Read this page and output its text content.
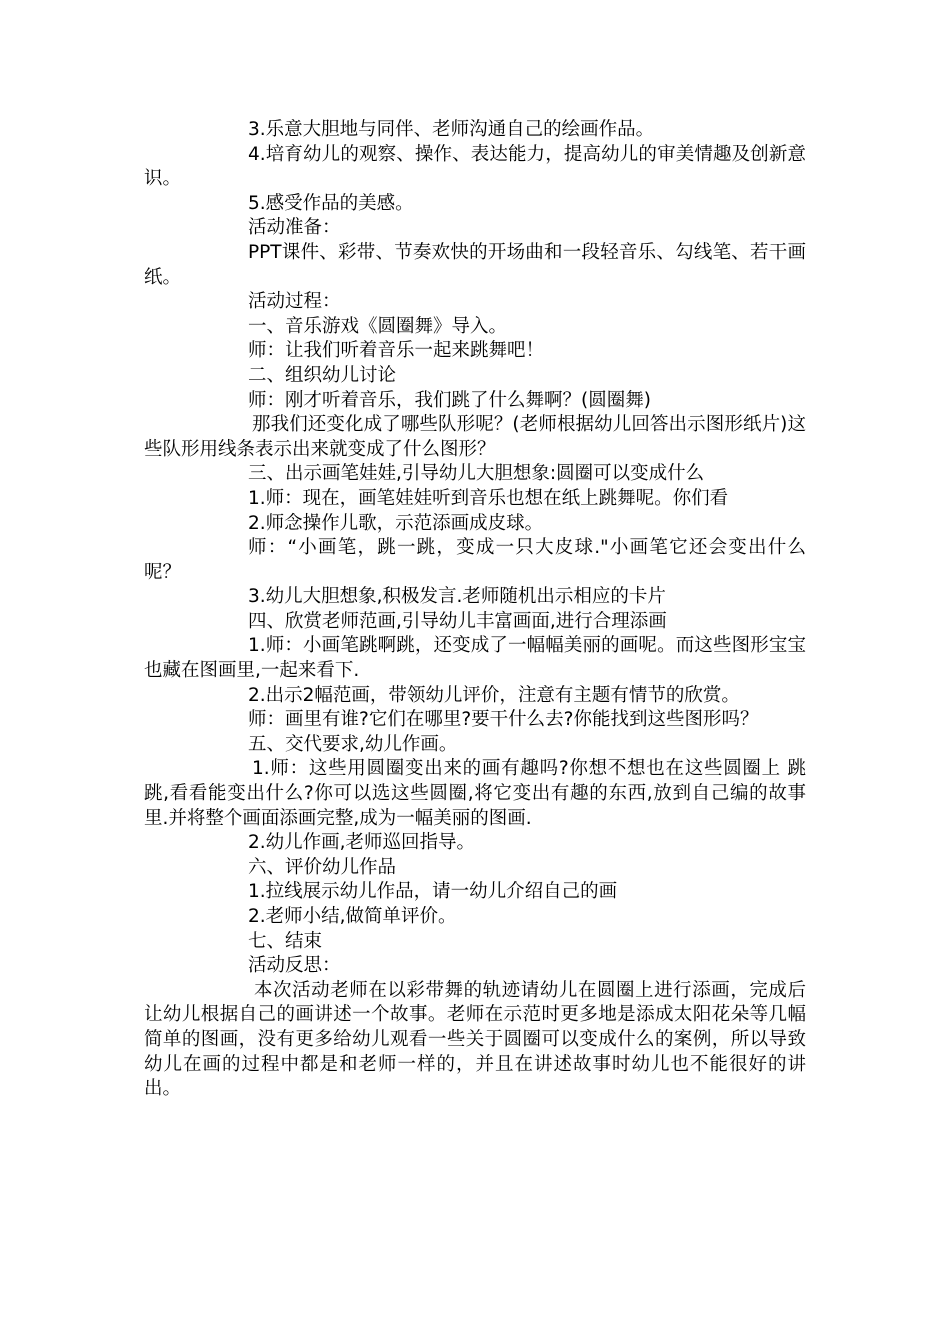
3.乐意大胆地与同伴、老师沟通自己的绘画作品。

4.培育幼儿的观察、操作、表达能力，提高幼儿的审美情趣及创新意识。

5.感受作品的美感。

活动准备：

PPT课件、彩带、节奏欢快的开场曲和一段轻音乐、勾线笔、若干画纸。

活动过程：

一、音乐游戏《圆圈舞》导入。

师：让我们听着音乐一起来跳舞吧！

二、组织幼儿讨论

师：刚才听着音乐，我们跳了什么舞啊？(圆圈舞)

那我们还变化成了哪些队形呢？(老师根据幼儿回答出示图形纸片)这些队形用线条表示出来就变成了什么图形？

三、出示画笔娃娃,引导幼儿大胆想象:圆圈可以变成什么

1.师：现在，画笔娃娃听到音乐也想在纸上跳舞呢。你们看

2.师念操作儿歌，示范添画成皮球。

师：“小画笔，跳一跳，变成一只大皮球."小画笔它还会变出什么呢？

3.幼儿大胆想象,积极发言.老师随机出示相应的卡片

四、欣赏老师范画,引导幼儿丰富画面,进行合理添画

1.师：小画笔跳啊跳，还变成了一幅幅美丽的画呢。而这些图形宝宝也藏在图画里,一起来看下.

2.出示2幅范画，带领幼儿评价，注意有主题有情节的欣赏。

师：画里有谁?它们在哪里?要干什么去?你能找到这些图形吗？

五、交代要求,幼儿作画。

1.师：这些用圆圈变出来的画有趣吗?你想不想也在这些圆圈上 跳跳,看看能变出什么?你可以选这些圆圈,将它变出有趣的东西,放到自己编的故事里.并将整个画面添画完整,成为一幅美丽的图画.

2.幼儿作画,老师巡回指导。

六、评价幼儿作品

1.拉线展示幼儿作品，请一幼儿介绍自己的画

2.老师小结,做简单评价。

七、结束

活动反思：

本次活动老师在以彩带舞的轨迹请幼儿在圆圈上进行添画，完成后让幼儿根据自己的画讲述一个故事。老师在示范时更多地是添成太阳花朵等几幅简单的图画，没有更多给幼儿观看一些关于圆圈可以变成什么的案例，所以导致幼儿在画的过程中都是和老师一样的，并且在讲述故事时幼儿也不能很好的讲出。
